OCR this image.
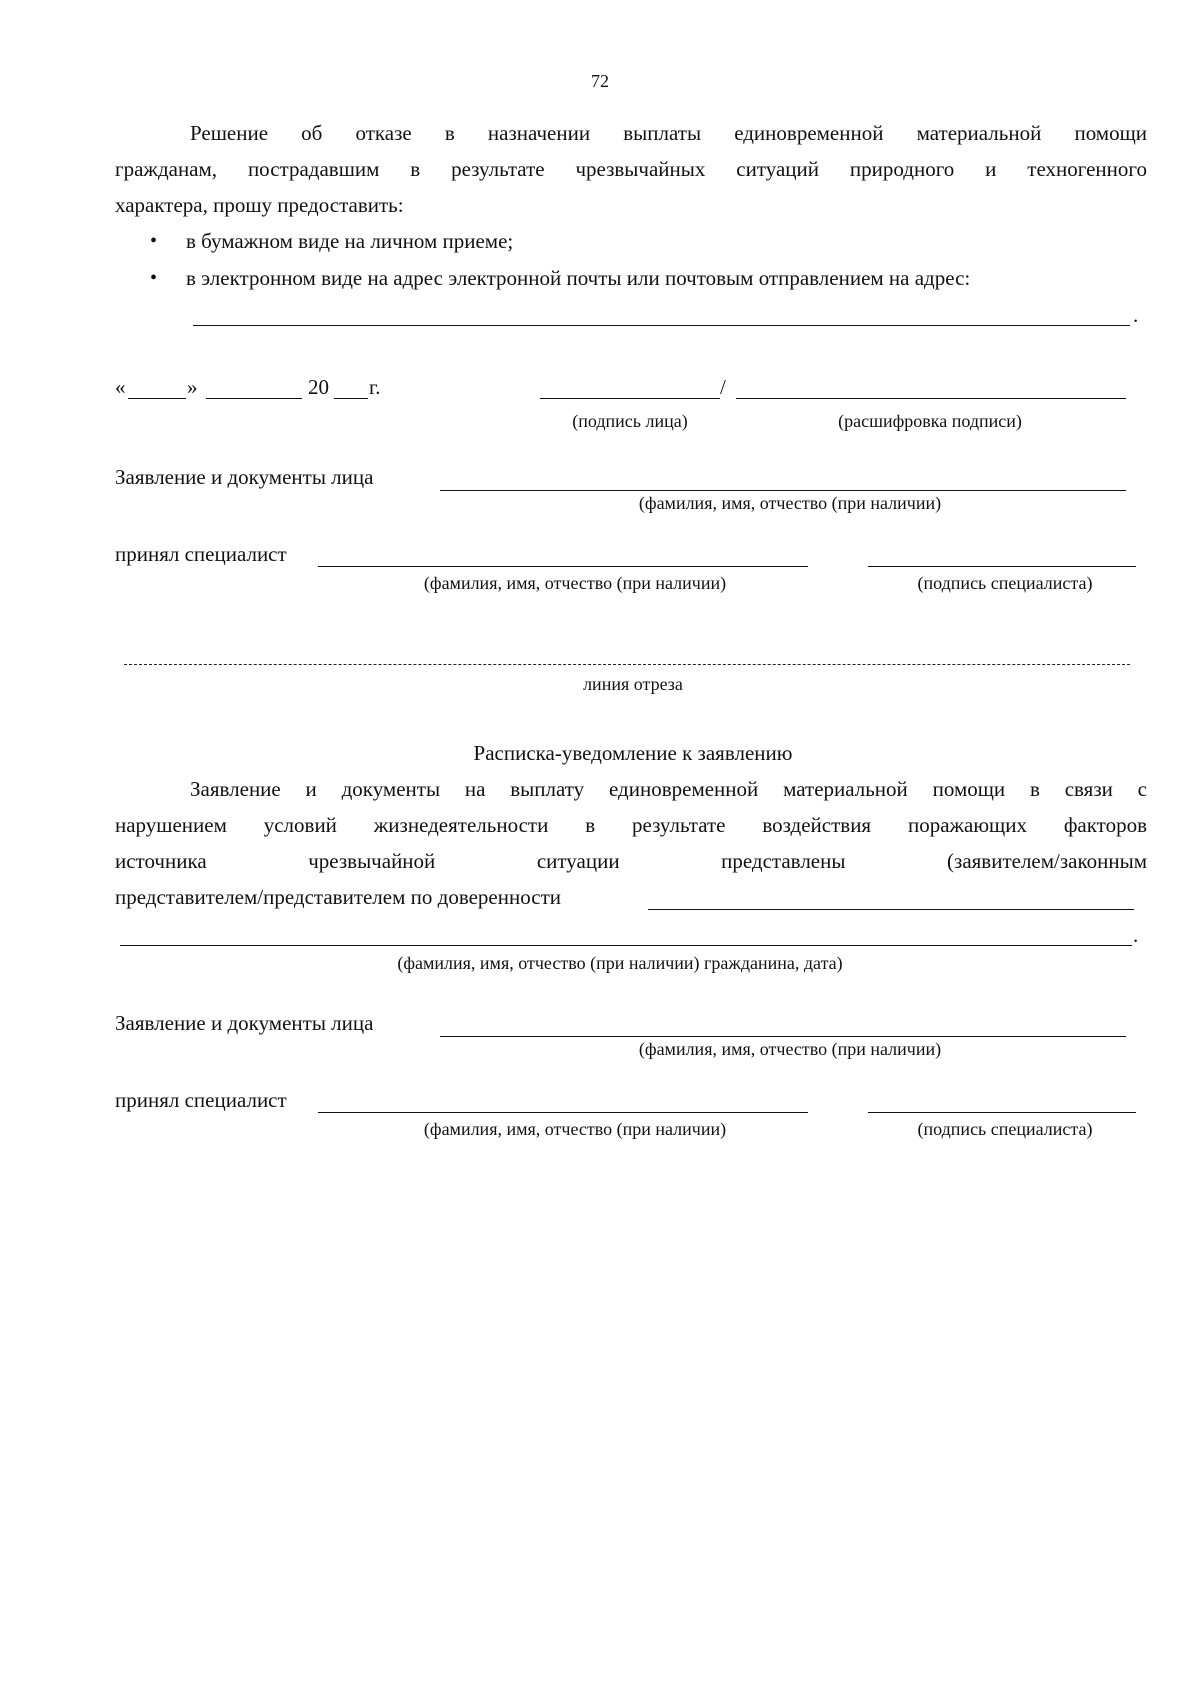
72
Решение об отказе в назначении выплаты единовременной материальной помощи
гражданам, пострадавшим в результате чрезвычайных ситуаций природного и техногенного
характера, прошу предоставить:
• в бумажном виде на личном приеме;
• в электронном виде на адрес электронной почты или почтовым отправлением на адрес:
.
«	»	20 г.	/
(подпись лица)	(расшифровка подписи)
Заявление и документы лица
(фамилия, имя, отчество (при наличии)
принял специалист
(фамилия, имя, отчество (при наличии)	(подпись специалиста)
линия отреза
Расписка-уведомление к заявлению
Заявление и документы на выплату единовременной материальной помощи в связи с
нарушением условий жизнедеятельности в результате воздействия поражающих факторов
источника чрезвычайной ситуации представлены (заявителем/законным
представителем/представителем по доверенности
.
(фамилия, имя, отчество (при наличии) гражданина, дата)
Заявление и документы лица
(фамилия, имя, отчество (при наличии)
принял специалист
(фамилия, имя, отчество (при наличии)	(подпись специалиста)
